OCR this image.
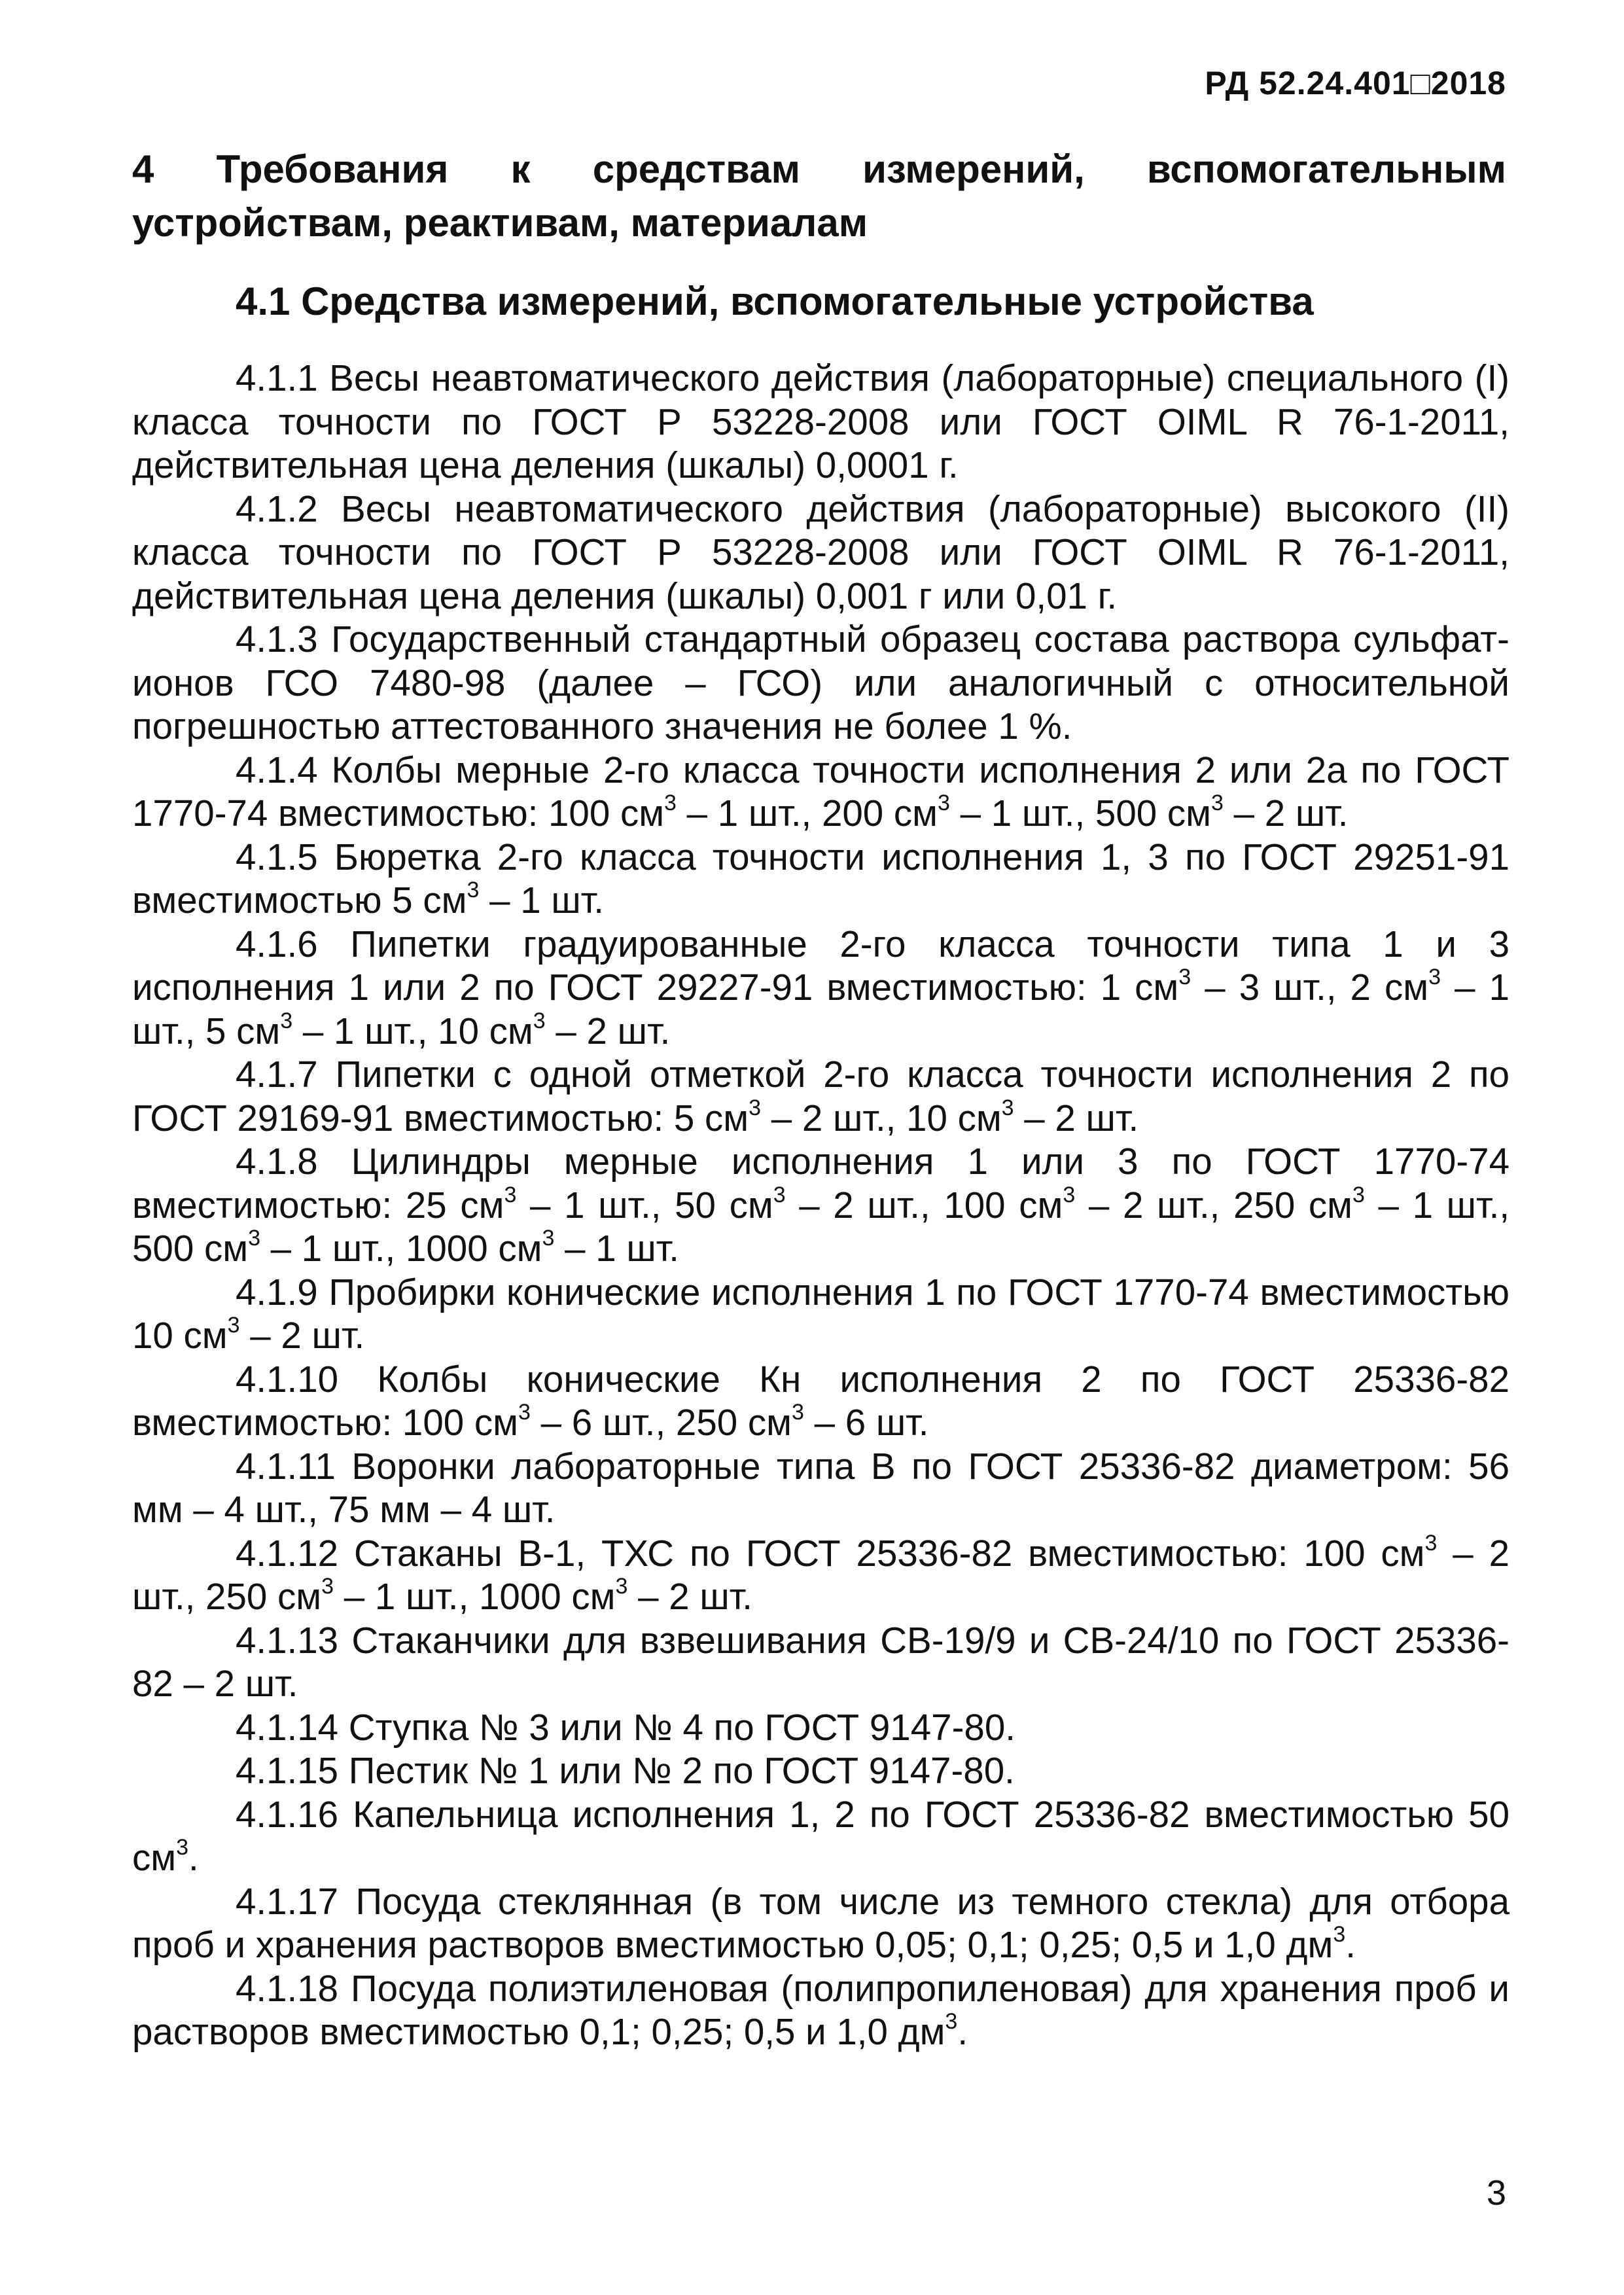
РД 52.24.401□2018
4 Требования к средствам измерений, вспомогательным устройствам, реактивам, материалам
4.1 Средства измерений, вспомогательные устройства

4.1.1 Весы неавтоматического действия (лабораторные) специального (I) класса точности по ГОСТ Р 53228-2008 или ГОСТ OIML R 76-1-2011, действительная цена деления (шкалы) 0,0001 г.

4.1.2 Весы неавтоматического действия (лабораторные) высокого (II) класса точности по ГОСТ Р 53228-2008 или ГОСТ OIML R 76-1-2011, действительная цена деления (шкалы) 0,001 г или 0,01 г.

4.1.3 Государственный стандартный образец состава раствора сульфат-ионов ГСО 7480-98 (далее – ГСО) или аналогичный с относительной погрешностью аттестованного значения не более 1 %.

4.1.4 Колбы мерные 2-го класса точности исполнения 2 или 2а по ГОСТ 1770-74 вместимостью: 100 $см^3 - 1$ шт., 200 $см^3 - 1$ шт., 500 $см^3 - 2$ шт.

4.1.5 Бюретка 2-го класса точности исполнения 1, 3 по ГОСТ 29251-91 вместимостью 5 $см^3 - 1$ шт.

4.1.6 Пипетки градуированные 2-го класса точности типа 1 и 3 исполнения 1 или 2 по ГОСТ 29227-91 вместимостью: 1 $см^3 - 3$ шт., 2 $см^3 - 1$ шт., 5 $см^3 - 1$ шт., 10 $см^3 - 2$ шт.

4.1.7 Пипетки с одной отметкой 2-го класса точности исполнения 2 по ГОСТ 29169-91 вместимостью: 5 $см^3 - 2$ шт., 10 $см^3 - 2$ шт.

4.1.8 Цилиндры мерные исполнения 1 или 3 по ГОСТ 1770-74 вместимостью: 25 $см^3 - 1$ шт., 50 $см^3 - 2$ шт., 100 $см^3 - 2$ шт., 250 $см^3 - 1$ шт., 500 $см^3 - 1$ шт., 1000 $см^3 - 1$ шт.

4.1.9 Пробирки конические исполнения 1 по ГОСТ 1770-74 вместимостью 10 $см^3 - 2$ шт.

4.1.10 Колбы конические Кн исполнения 2 по ГОСТ 25336-82 вместимостью: 100 $см^3 - 6$ шт., 250 $см^3 - 6$ шт.

4.1.11 Воронки лабораторные типа В по ГОСТ 25336-82 диаметром: 56 мм – 4 шт., 75 мм – 4 шт.

4.1.12 Стаканы В-1, ТХС по ГОСТ 25336-82 вместимостью: 100 $см^3 - 2$ шт., 250 $см^3 - 1$ шт., 1000 $см^3 - 2$ шт.

4.1.13 Стаканчики для взвешивания СВ-19/9 и СВ-24/10 по ГОСТ 25336-82 – 2 шт.

4.1.14 Ступка № 3 или № 4 по ГОСТ 9147-80.

4.1.15 Пестик № 1 или № 2 по ГОСТ 9147-80.

4.1.16 Капельница исполнения 1, 2 по ГОСТ 25336-82 вместимостью 50 $см^3$.

4.1.17 Посуда стеклянная (в том числе из темного стекла) для отбора проб и хранения растворов вместимостью 0,05; 0,1; 0,25; 0,5 и 1,0 $дм^3$.

4.1.18 Посуда полиэтиленовая (полипропиленовая) для хранения проб и растворов вместимостью 0,1; 0,25; 0,5 и 1,0 $дм^3$.

3
